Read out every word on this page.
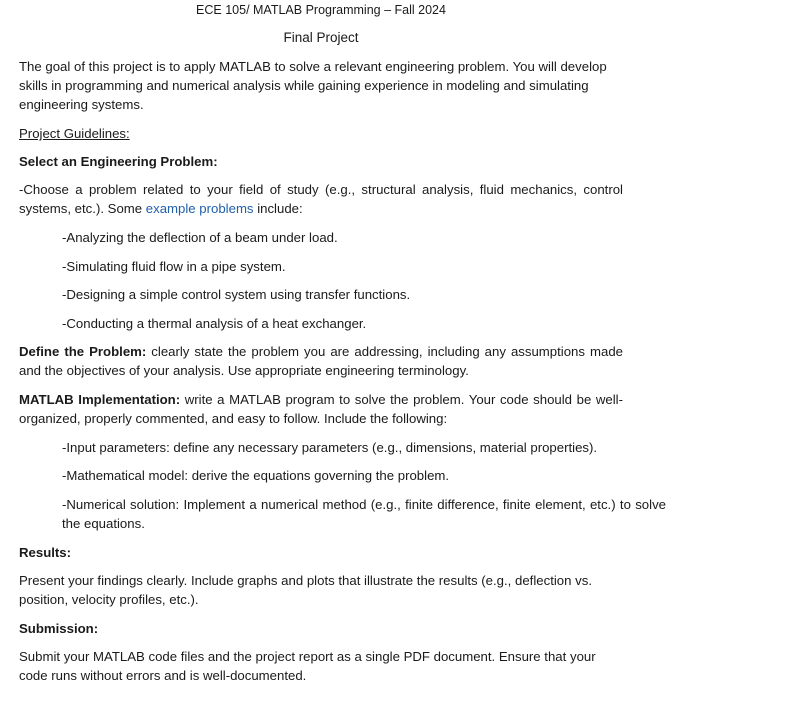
ECE 105/ MATLAB Programming – Fall 2024
Final Project

The goal of this project is to apply MATLAB to solve a relevant engineering problem. You will develop skills in programming and numerical analysis while gaining experience in modeling and simulating engineering systems.

Project Guidelines:

Select an Engineering Problem:

-Choose a problem related to your field of study (e.g., structural analysis, fluid mechanics, control systems, etc.). Some example problems include:

-Analyzing the deflection of a beam under load.

-Simulating fluid flow in a pipe system.

-Designing a simple control system using transfer functions.

-Conducting a thermal analysis of a heat exchanger.

Define the Problem: clearly state the problem you are addressing, including any assumptions made and the objectives of your analysis. Use appropriate engineering terminology.

MATLAB Implementation: write a MATLAB program to solve the problem. Your code should be well-organized, properly commented, and easy to follow. Include the following:

-Input parameters: define any necessary parameters (e.g., dimensions, material properties).

-Mathematical model: derive the equations governing the problem.

-Numerical solution: Implement a numerical method (e.g., finite difference, finite element, etc.) to solve the equations.

Results:

Present your findings clearly. Include graphs and plots that illustrate the results (e.g., deflection vs. position, velocity profiles, etc.).

Submission:

Submit your MATLAB code files and the project report as a single PDF document. Ensure that your code runs without errors and is well-documented.
